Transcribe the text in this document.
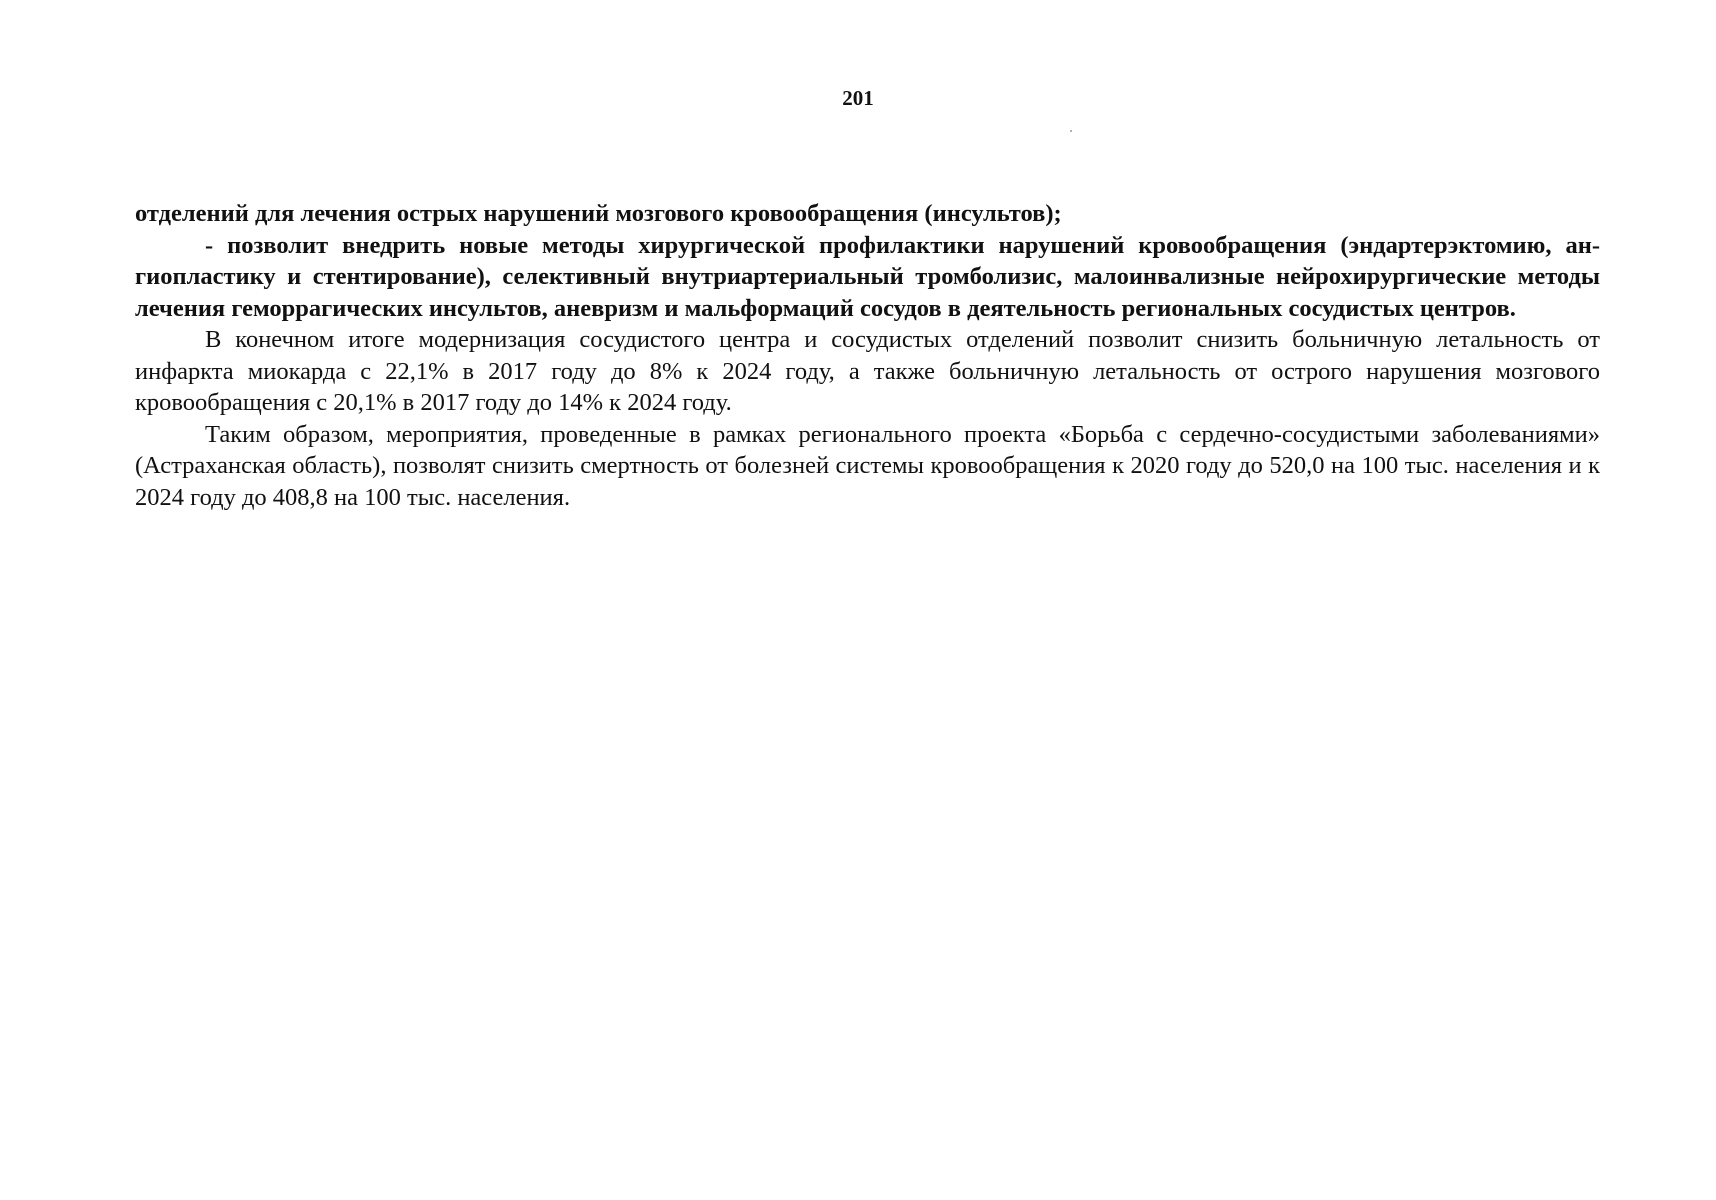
201

отделений для лечения острых нарушений мозгового кровообращения (инсультов);

- позволит внедрить новые методы хирургической профилактики нарушений кровообращения (эндартерэктомию, ангиопластику и стентирование), селективный внутриартериальный тромболизис, малоинвализные нейрохирургические методы лечения геморрагических инсультов, аневризм и мальформаций сосудов в деятельность региональных сосудистых центров.

В конечном итоге модернизация сосудистого центра и сосудистых отделений позволит снизить больничную летальность от инфаркта миокарда с 22,1% в 2017 году до 8% к 2024 году, а также больничную летальность от острого нарушения мозгового кровообращения с 20,1% в 2017 году до 14% к 2024 году.

Таким образом, мероприятия, проведенные в рамках регионального проекта «Борьба с сердечно-сосудистыми заболеваниями» (Астраханская область), позволят снизить смертность от болезней системы кровообращения к 2020 году до 520,0 на 100 тыс. населения и к 2024 году до 408,8 на 100 тыс. населения.
